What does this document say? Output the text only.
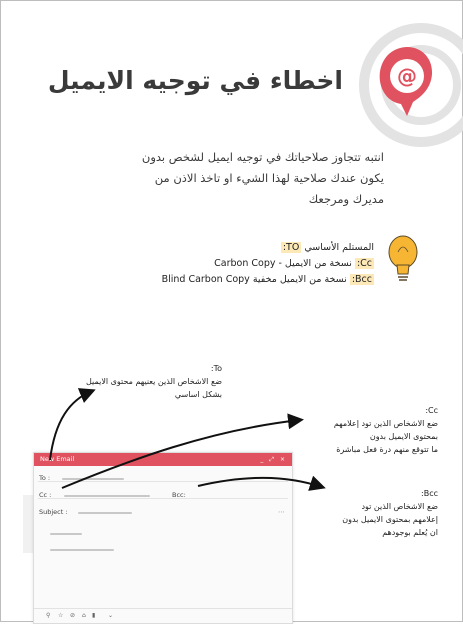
@
اخطاء في توجيه الايميل
انتبه تتجاوز صلاحياتك في توجيه ايميل لشخص بدون يكون عندك صلاحية لهذا الشيء او تاخذ الاذن من مديرك ومرجعك
المستلم الأساسي TO:
Cc: نسخة من الايميل - Carbon Copy
Bcc: نسخة من الايميل مخفية Blind Carbon Copy
To:
ضع الاشخاص الذين يعنيهم محتوى الايميل
بشكل اساسي
Cc:
ضع الاشخاص الذين تود إعلامهم
بمحتوى الايميل بدون
ما تتوقع منهم درة فعل مباشرة
Bcc:
ضع الاشخاص الذين تود
إعلامهم بمحتوى الايميل بدون
ان يُعلم بوجودهم
New Email	_ ⤢ ×
To :
Cc :	Bcc:
Subject :	⋯
⚲ ☆ ⊘ ⌂ ▮ ⌄
